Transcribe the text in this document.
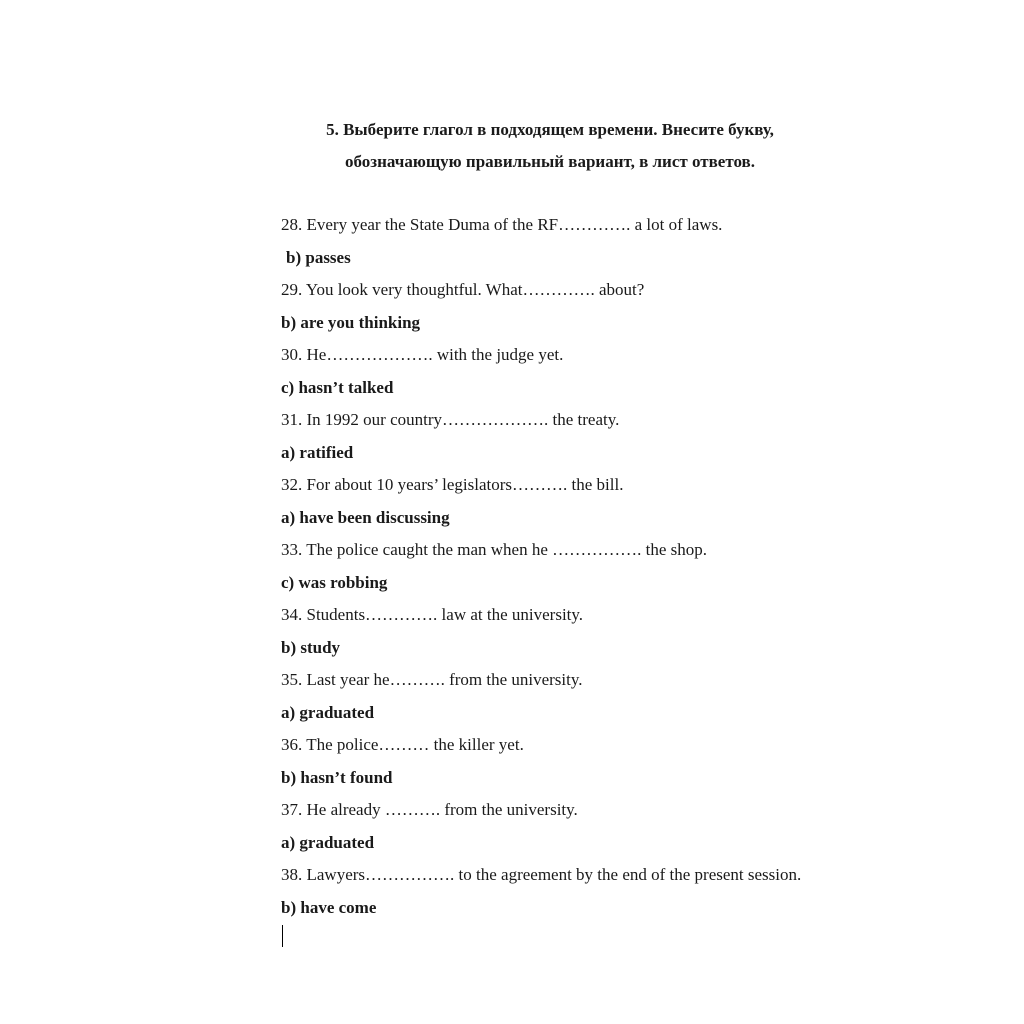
5. Выберите глагол в подходящем времени. Внесите букву,
обозначающую правильный вариант, в лист ответов.
28. Every year the State Duma of the RF…………. a lot of laws.
b) passes
29. You look very thoughtful. What…………. about?
b) are you thinking
30. He………………. with the judge yet.
c) hasn’t talked
31. In 1992 our country………………. the treaty.
a) ratified
32. For about 10 years’ legislators………. the bill.
a) have been discussing
33. The police caught the man when he ……………. the shop.
c) was robbing
34. Students…………. law at the university.
b) study
35. Last year he………. from the university.
a) graduated
36. The police……… the killer yet.
b) hasn’t found
37. He already ………. from the university.
a) graduated
38. Lawyers……………. to the agreement by the end of the present session.
b) have come
